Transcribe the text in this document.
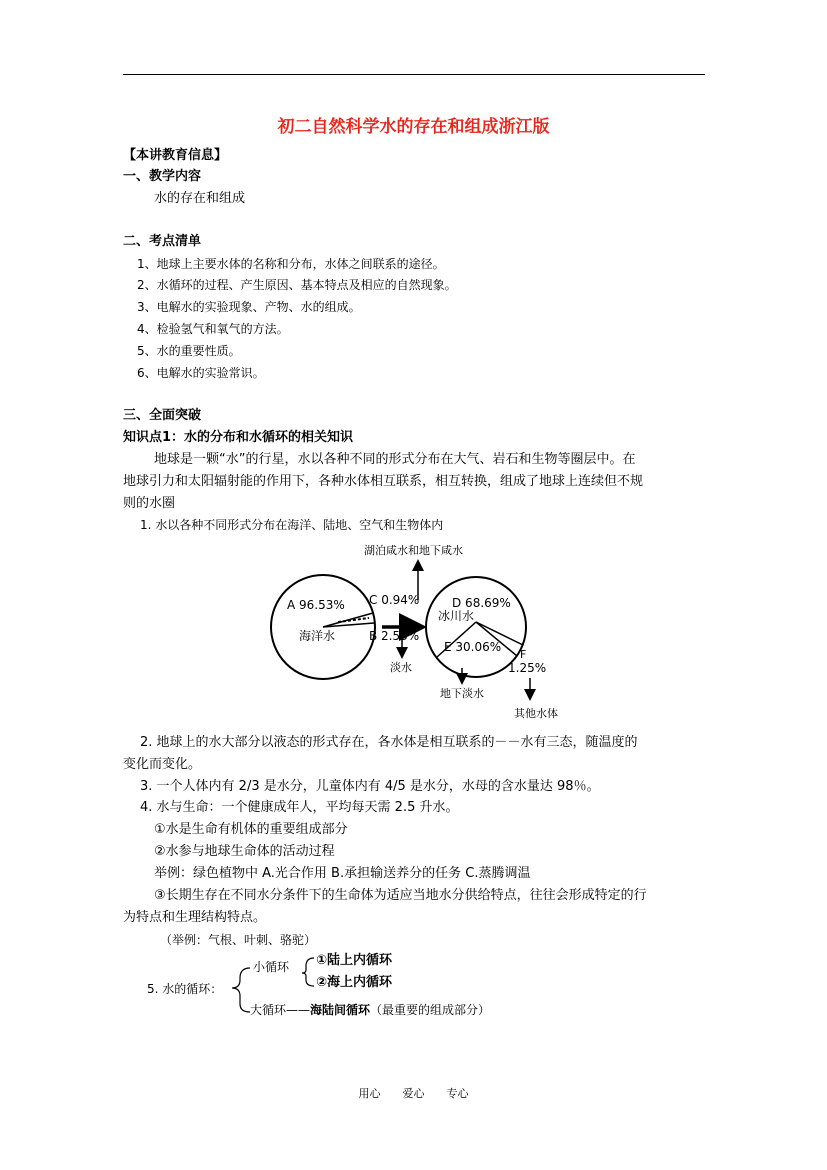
初二自然科学水的存在和组成浙江版
【本讲教育信息】
一、教学内容
水的存在和组成
二、考点清单
1、地球上主要水体的名称和分布，水体之间联系的途径。
2、水循环的过程、产生原因、基本特点及相应的自然现象。
3、电解水的实验现象、产物、水的组成。
4、检验氢气和氧气的方法。
5、水的重要性质。
6、电解水的实验常识。
三、全面突破
知识点1：水的分布和水循环的相关知识
地球是一颗“水”的行星，水以各种不同的形式分布在大气、岩石和生物等圈层中。在
地球引力和太阳辐射能的作用下，各种水体相互联系，相互转换，组成了地球上连续但不规
则的水圈
1. 水以各种不同形式分布在海洋、陆地、空气和生物体内
湖泊咸水和地下咸水
A 96.53%
海洋水
C 0.94%
B 2.53%
淡水
D 68.69%
冰川水
E 30.06%
F
1.25%
地下淡水
其他水体
2. 地球上的水大部分以液态的形式存在，各水体是相互联系的－－水有三态，随温度的
变化而变化。
3. 一个人体内有 2/3 是水分，儿童体内有 4/5 是水分，水母的含水量达 98％。
4. 水与生命：一个健康成年人，平均每天需 2.5 升水。
①水是生命有机体的重要组成部分
②水参与地球生命体的活动过程
举例：绿色植物中 A.光合作用 B.承担输送养分的任务 C.蒸腾调温
③长期生存在不同水分条件下的生命体为适应当地水分供给特点，往往会形成特定的行
为特点和生理结构特点。
（举例：气根、叶刺、骆驼）
5. 水的循环：
小循环 ①陆上内循环
②海上内循环
大循环——海陆间循环（最重要的组成部分）
用心　　爱心　　专心
